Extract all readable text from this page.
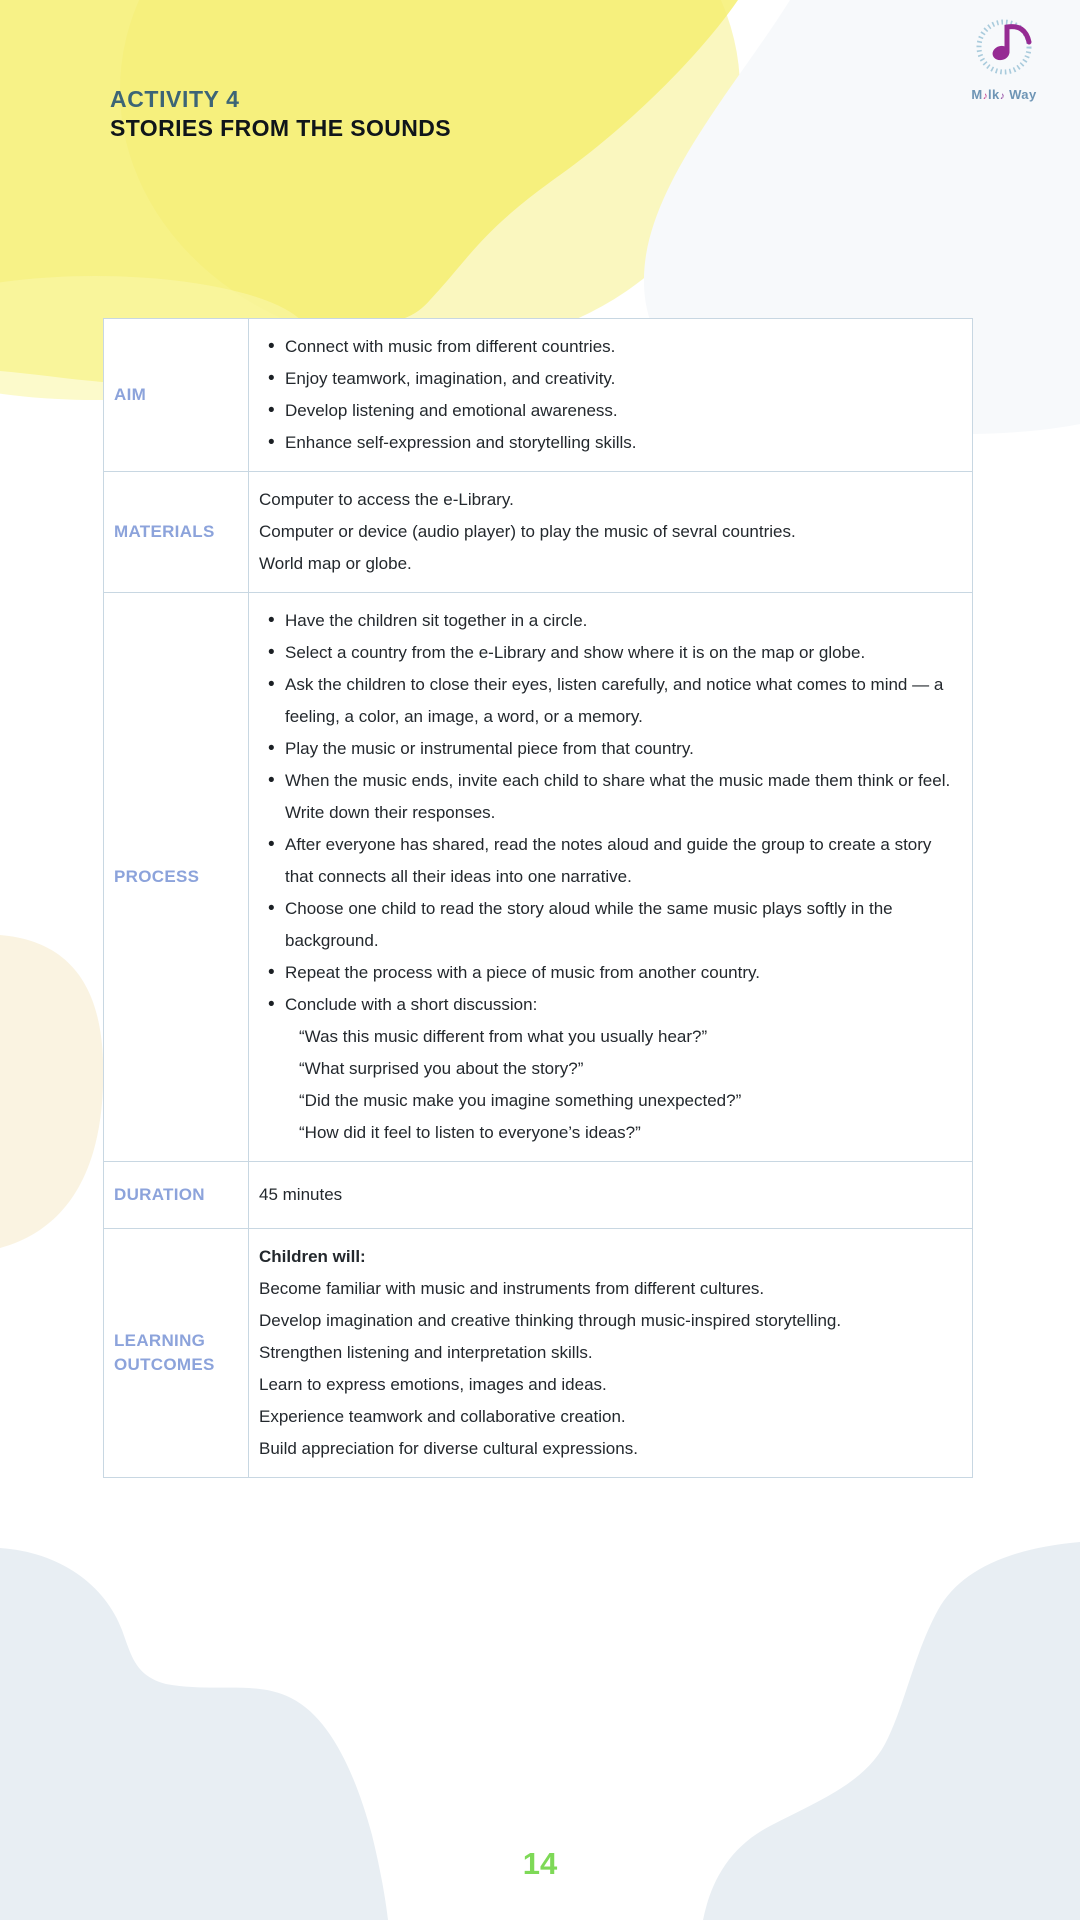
ACTIVITY 4
STORIES FROM THE SOUNDS
M♪lk♪ Way
AIM
• Connect with music from different countries.
• Enjoy teamwork, imagination, and creativity.
• Develop listening and emotional awareness.
• Enhance self-expression and storytelling skills.
MATERIALS
Computer to access the e-Library.
Computer or device (audio player) to play the music of sevral countries.
World map or globe.
PROCESS
• Have the children sit together in a circle.
• Select a country from the e-Library and show where it is on the map or globe.
• Ask the children to close their eyes, listen carefully, and notice what comes to mind — a feeling, a color, an image, a word, or a memory.
• Play the music or instrumental piece from that country.
• When the music ends, invite each child to share what the music made them think or feel. Write down their responses.
• After everyone has shared, read the notes aloud and guide the group to create a story that connects all their ideas into one narrative.
• Choose one child to read the story aloud while the same music plays softly in the background.
• Repeat the process with a piece of music from another country.
• Conclude with a short discussion:
“Was this music different from what you usually hear?”
“What surprised you about the story?”
“Did the music make you imagine something unexpected?”
“How did it feel to listen to everyone’s ideas?”
DURATION	45 minutes
LEARNING OUTCOMES
Children will:
Become familiar with music and instruments from different cultures.
Develop imagination and creative thinking through music-inspired storytelling.
Strengthen listening and interpretation skills.
Learn to express emotions, images and ideas.
Experience teamwork and collaborative creation.
Build appreciation for diverse cultural expressions.
14
